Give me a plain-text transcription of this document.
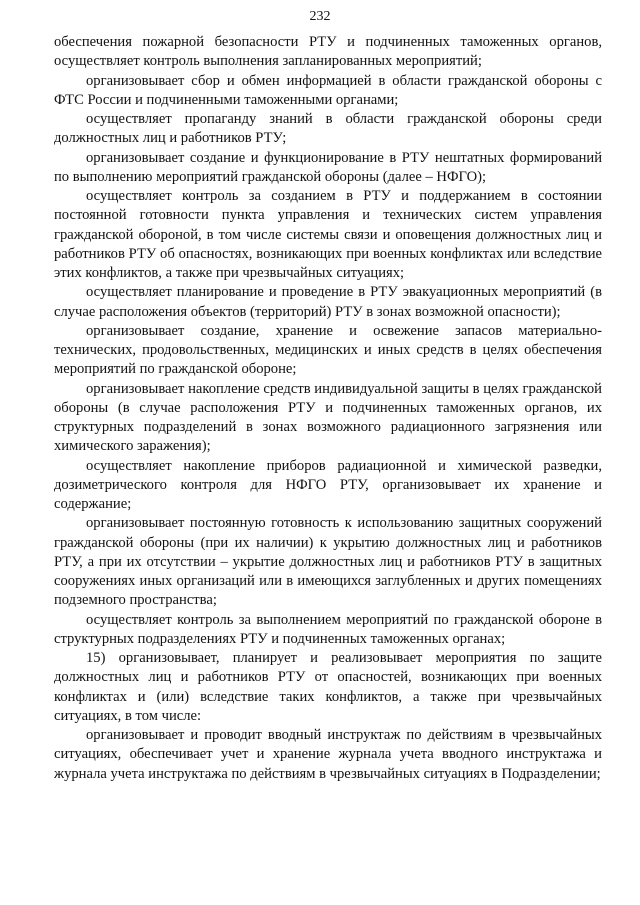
232

обеспечения пожарной безопасности РТУ и подчиненных таможенных органов, осуществляет контроль выполнения запланированных мероприятий;

организовывает сбор и обмен информацией в области гражданской обороны с ФТС России и подчиненными таможенными органами;

осуществляет пропаганду знаний в области гражданской обороны среди должностных лиц и работников РТУ;

организовывает создание и функционирование в РТУ нештатных формирований по выполнению мероприятий гражданской обороны (далее – НФГО);

осуществляет контроль за созданием в РТУ и поддержанием в состоянии постоянной готовности пункта управления и технических систем управления гражданской обороной, в том числе системы связи и оповещения должностных лиц и работников РТУ об опасностях, возникающих при военных конфликтах или вследствие этих конфликтов, а также при чрезвычайных ситуациях;

осуществляет планирование и проведение в РТУ эвакуационных мероприятий (в случае расположения объектов (территорий) РТУ в зонах возможной опасности);

организовывает создание, хранение и освежение запасов материально-технических, продовольственных, медицинских и иных средств в целях обеспечения мероприятий по гражданской обороне;

организовывает накопление средств индивидуальной защиты в целях гражданской обороны (в случае расположения РТУ и подчиненных таможенных органов, их структурных подразделений в зонах возможного радиационного загрязнения или химического заражения);

осуществляет накопление приборов радиационной и химической разведки, дозиметрического контроля для НФГО РТУ, организовывает их хранение и содержание;

организовывает постоянную готовность к использованию защитных сооружений гражданской обороны (при их наличии) к укрытию должностных лиц и работников РТУ, а при их отсутствии – укрытие должностных лиц и работников РТУ в защитных сооружениях иных организаций или в имеющихся заглубленных и других помещениях подземного пространства;

осуществляет контроль за выполнением мероприятий по гражданской обороне в структурных подразделениях РТУ и подчиненных таможенных органах;

15) организовывает, планирует и реализовывает мероприятия по защите должностных лиц и работников РТУ от опасностей, возникающих при военных конфликтах и (или) вследствие таких конфликтов, а также при чрезвычайных ситуациях, в том числе:

организовывает и проводит вводный инструктаж по действиям в чрезвычайных ситуациях, обеспечивает учет и хранение журнала учета вводного инструктажа и журнала учета инструктажа по действиям в чрезвычайных ситуациях в Подразделении;
